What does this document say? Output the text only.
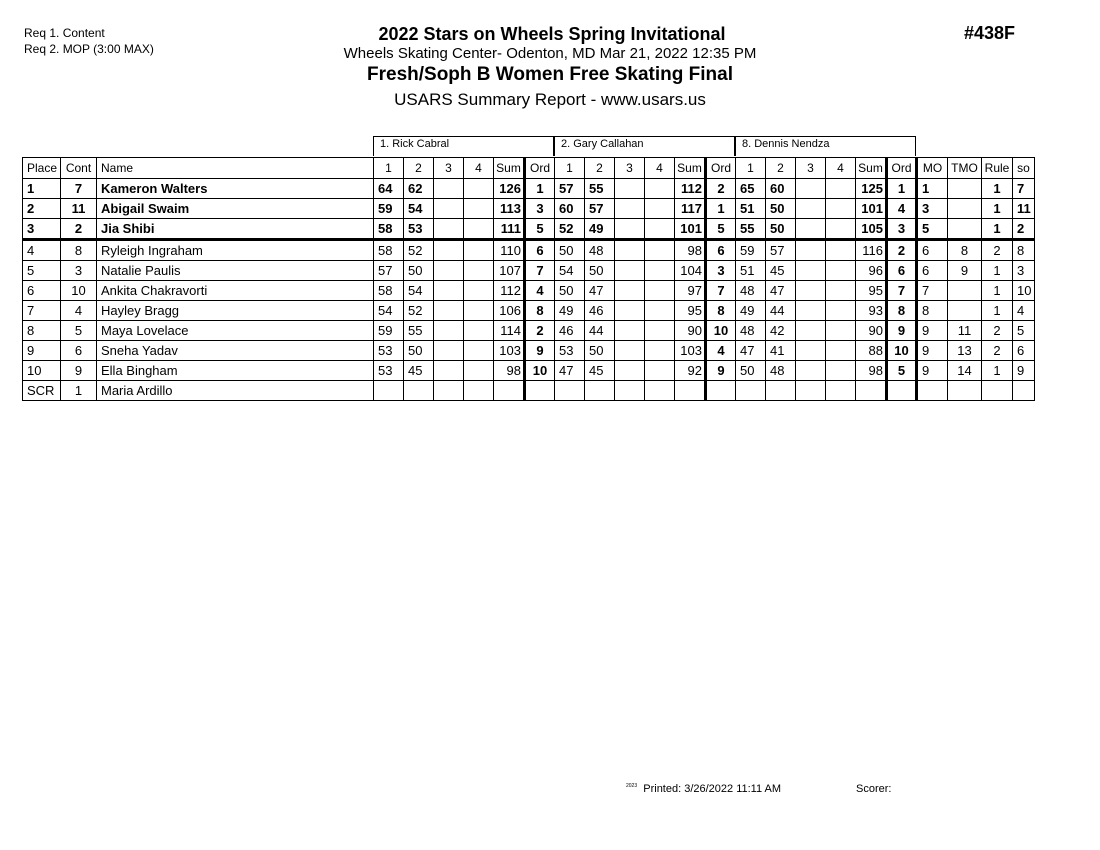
Req 1. Content
Req 2. MOP (3:00 MAX)
2022 Stars on Wheels Spring Invitational
Wheels Skating Center- Odenton, MD Mar 21, 2022 12:35 PM
Fresh/Soph B Women Free Skating Final
USARS Summary Report - www.usars.us
#438F
1. Rick Cabral	2. Gary Callahan	8. Dennis Nendza
Place	Cont	Name	1	2	3	4	Sum	Ord	1	2	3	4	Sum	Ord	1	2	3	4	Sum	Ord	MO	TMO	Rule	so
1	7	Kameron Walters	64	62			126	1	57	55			112	2	65	60			125	1	1		1	7
2	11	Abigail Swaim	59	54			113	3	60	57			117	1	51	50			101	4	3		1	11
3	2	Jia Shibi	58	53			111	5	52	49			101	5	55	50			105	3	5		1	2
4	8	Ryleigh Ingraham	58	52			110	6	50	48			98	6	59	57			116	2	6	8	2	8
5	3	Natalie Paulis	57	50			107	7	54	50			104	3	51	45			96	6	6	9	1	3
6	10	Ankita Chakravorti	58	54			112	4	50	47			97	7	48	47			95	7	7		1	10
7	4	Hayley Bragg	54	52			106	8	49	46			95	8	49	44			93	8	8		1	4
8	5	Maya Lovelace	59	55			114	2	46	44			90	10	48	42			90	9	9	11	2	5
9	6	Sneha Yadav	53	50			103	9	53	50			103	4	47	41			88	10	9	13	2	6
10	9	Ella Bingham	53	45			98	10	47	45			92	9	50	48			98	5	9	14	1	9
SCR	1	Maria Ardillo																						
$^{2023}$ Printed: 3/26/2022 11:11 AM	Scorer:
